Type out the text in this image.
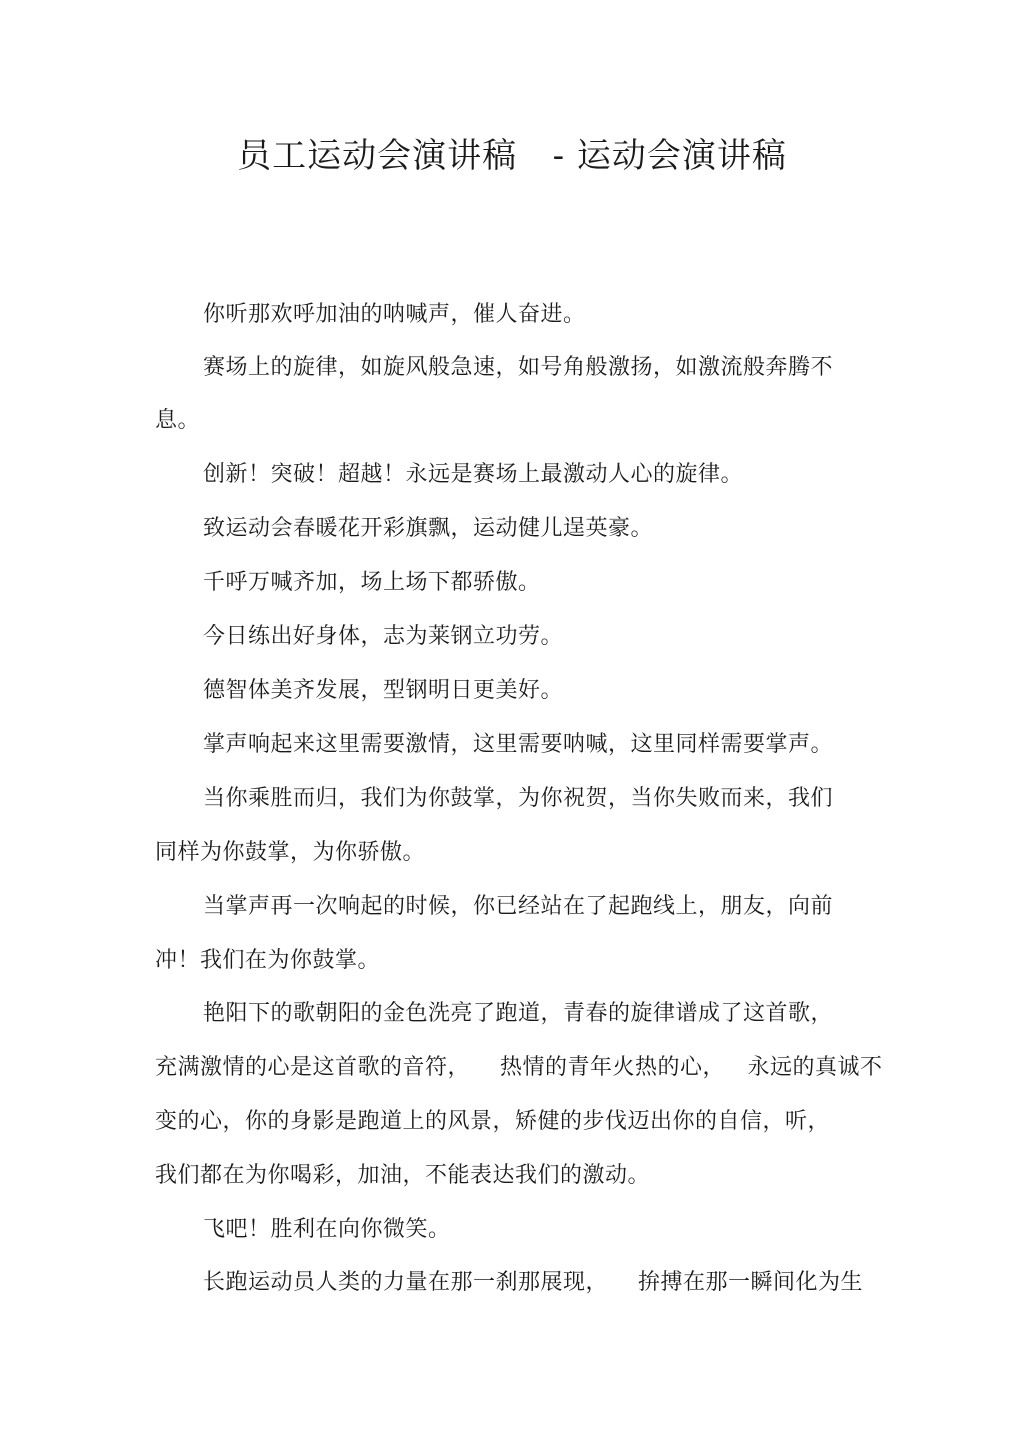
员工运动会演讲稿   - 运动会演讲稿
你听那欢呼加油的呐喊声，催人奋进。
赛场上的旋律，如旋风般急速，如号角般激扬，如激流般奔腾不
息。
创新！突破！超越！永远是赛场上最激动人心的旋律。
致运动会春暖花开彩旗飘，运动健儿逞英豪。
千呼万喊齐加，场上场下都骄傲。
今日练出好身体，志为莱钢立功劳。
德智体美齐发展，型钢明日更美好。
掌声响起来这里需要激情，这里需要呐喊，这里同样需要掌声。
当你乘胜而归，我们为你鼓掌，为你祝贺，当你失败而来，我们
同样为你鼓掌，为你骄傲。
当掌声再一次响起的时候，你已经站在了起跑线上，朋友，向前
冲！我们在为你鼓掌。
艳阳下的歌朝阳的金色洗亮了跑道，青春的旋律谱成了这首歌，
充满激情的心是这首歌的音符，    热情的青年火热的心，   永远的真诚不
变的心，你的身影是跑道上的风景，矫健的步伐迈出你的自信，听，
我们都在为你喝彩，加油，不能表达我们的激动。
飞吧！胜利在向你微笑。
长跑运动员人类的力量在那一刹那展现，    拚搏在那一瞬间化为生
